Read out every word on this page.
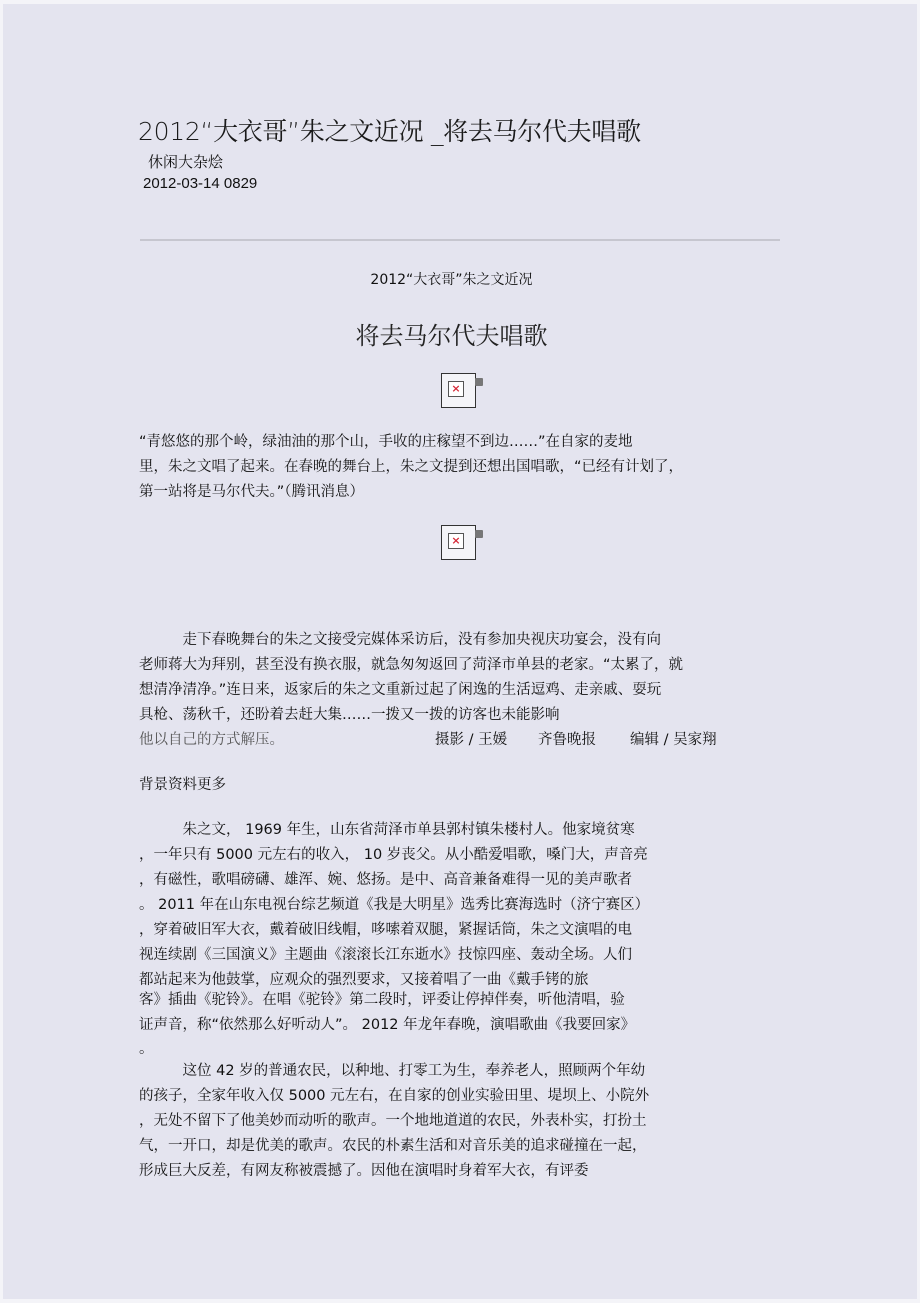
2012“大衣哥”朱之文近况 _将去马尔代夫唱歌
休闲大杂烩
2012-03-14 0829
2012“大衣哥”朱之文近况
将去马尔代夫唱歌
×
“青悠悠的那个岭，绿油油的那个山，手收的庄稼望不到边……”在自家的麦地
里，朱之文唱了起来。在春晚的舞台上，朱之文提到还想出国唱歌，“已经有计划了，
第一站将是马尔代夫。”（腾讯消息）
×
　　　走下春晚舞台的朱之文接受完媒体采访后，没有参加央视庆功宴会，没有向
老师蒋大为拜别，甚至没有换衣服，就急匆匆返回了菏泽市单县的老家。“太累了，就
想清净清净。”连日来，返家后的朱之文重新过起了闲逸的生活逗鸡、走亲戚、耍玩
具枪、荡秋千，还盼着去赶大集……一拨又一拨的访客也未能影响
他以自己的方式解压。	摄影 / 王媛 齐鲁晚报 编辑 / 吴家翔
背景资料更多
　　　朱之文， 1969 年生，山东省菏泽市单县郭村镇朱楼村人。他家境贫寒
，一年只有 5000 元左右的收入， 10 岁丧父。从小酷爱唱歌，嗓门大，声音亮
，有磁性，歌唱磅礴、雄浑、婉、悠扬。是中、高音兼备难得一见的美声歌者
。 2011 年在山东电视台综艺频道《我是大明星》选秀比赛海选时（济宁赛区）
，穿着破旧军大衣，戴着破旧线帽，哆嗦着双腿，紧握话筒，朱之文演唱的电
视连续剧《三国演义》主题曲《滚滚长江东逝水》技惊四座、轰动全场。人们
都站起来为他鼓掌，应观众的强烈要求，又接着唱了一曲《戴手铐的旅
客》插曲《驼铃》。在唱《驼铃》第二段时，评委让停掉伴奏，听他清唱，验
证声音，称“依然那么好听动人”。 2012 年龙年春晚，演唱歌曲《我要回家》
。
　　　这位 42 岁的普通农民，以种地、打零工为生，奉养老人，照顾两个年幼
的孩子，全家年收入仅 5000 元左右，在自家的创业实验田里、堤坝上、小院外
，无处不留下了他美妙而动听的歌声。一个地地道道的农民，外表朴实，打扮土
气，一开口，却是优美的歌声。农民的朴素生活和对音乐美的追求碰撞在一起，
形成巨大反差，有网友称被震撼了。因他在演唱时身着军大衣，有评委
